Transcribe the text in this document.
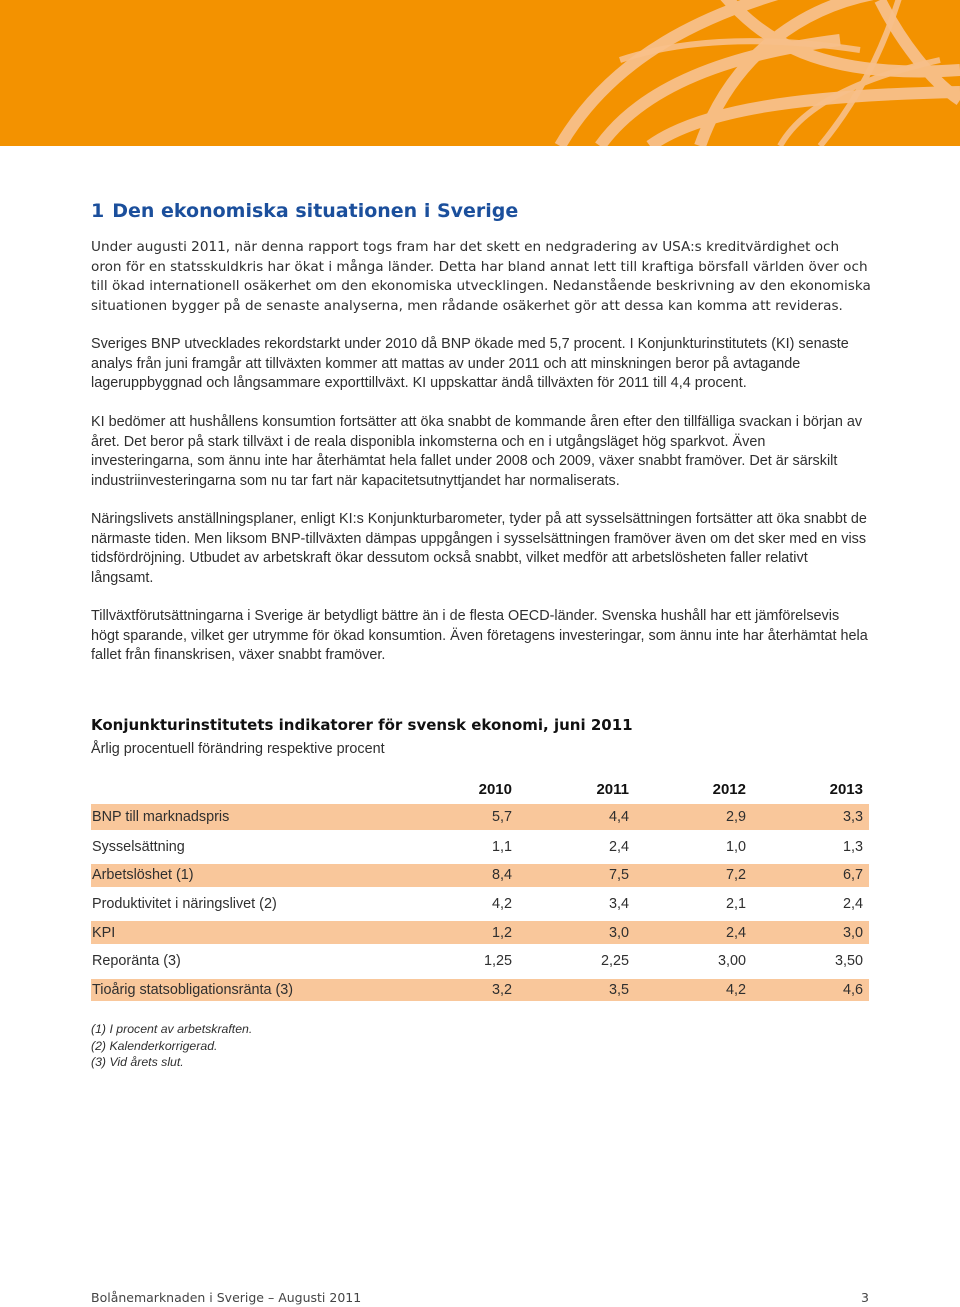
1 Den ekonomiska situationen i Sverige

Under augusti 2011, när denna rapport togs fram har det skett en nedgradering av USA:s kreditvärdighet och oron för en statsskuldkris har ökat i många länder. Detta har bland annat lett till kraftiga börsfall världen över och till ökad internationell osäkerhet om den ekonomiska utvecklingen. Nedanstående beskrivning av den ekonomiska situationen bygger på de senaste analyserna, men rådande osäkerhet gör att dessa kan komma att revideras.

Sveriges BNP utvecklades rekordstarkt under 2010 då BNP ökade med 5,7 procent. I Konjunkturinstitutets (KI) senaste analys från juni framgår att tillväxten kommer att mattas av under 2011 och att minskningen beror på avtagande lageruppbyggnad och långsammare exporttillväxt. KI uppskattar ändå tillväxten för 2011 till 4,4 procent.

KI bedömer att hushållens konsumtion fortsätter att öka snabbt de kommande åren efter den tillfälliga svackan i början av året. Det beror på stark tillväxt i de reala disponibla inkomsterna och en i utgångsläget hög sparkvot. Även investeringarna, som ännu inte har återhämtat hela fallet under 2008 och 2009, växer snabbt framöver. Det är särskilt industriinvesteringarna som nu tar fart när kapacitetsutnyttjandet har normaliserats.

Näringslivets anställningsplaner, enligt KI:s Konjunkturbarometer, tyder på att sysselsättningen fortsätter att öka snabbt de närmaste tiden. Men liksom BNP-tillväxten dämpas uppgången i sysselsättningen framöver även om det sker med en viss tidsfördröjning. Utbudet av arbetskraft ökar dessutom också snabbt, vilket medför att arbetslösheten faller relativt långsamt.

Tillväxtförutsättningarna i Sverige är betydligt bättre än i de flesta OECD-länder. Svenska hushåll har ett jämförelsevis högt sparande, vilket ger utrymme för ökad konsumtion. Även företagens investeringar, som ännu inte har återhämtat hela fallet från finanskrisen, växer snabbt framöver.

Konjunkturinstitutets indikatorer för svensk ekonomi, juni 2011

Årlig procentuell förändring respektive procent

	2010	2011	2012	2013
BNP till marknadspris	5,7	4,4	2,9	3,3
Sysselsättning	1,1	2,4	1,0	1,3
Arbetslöshet (1)	8,4	7,5	7,2	6,7
Produktivitet i näringslivet (2)	4,2	3,4	2,1	2,4
KPI	1,2	3,0	2,4	3,0
Reporänta (3)	1,25	2,25	3,00	3,50
Tioårig statsobligationsränta (3)	3,2	3,5	4,2	4,6
(1) I procent av arbetskraften.
(2) Kalenderkorrigerad.
(3) Vid årets slut.
Bolånemarknaden i Sverige – Augusti 2011	3
